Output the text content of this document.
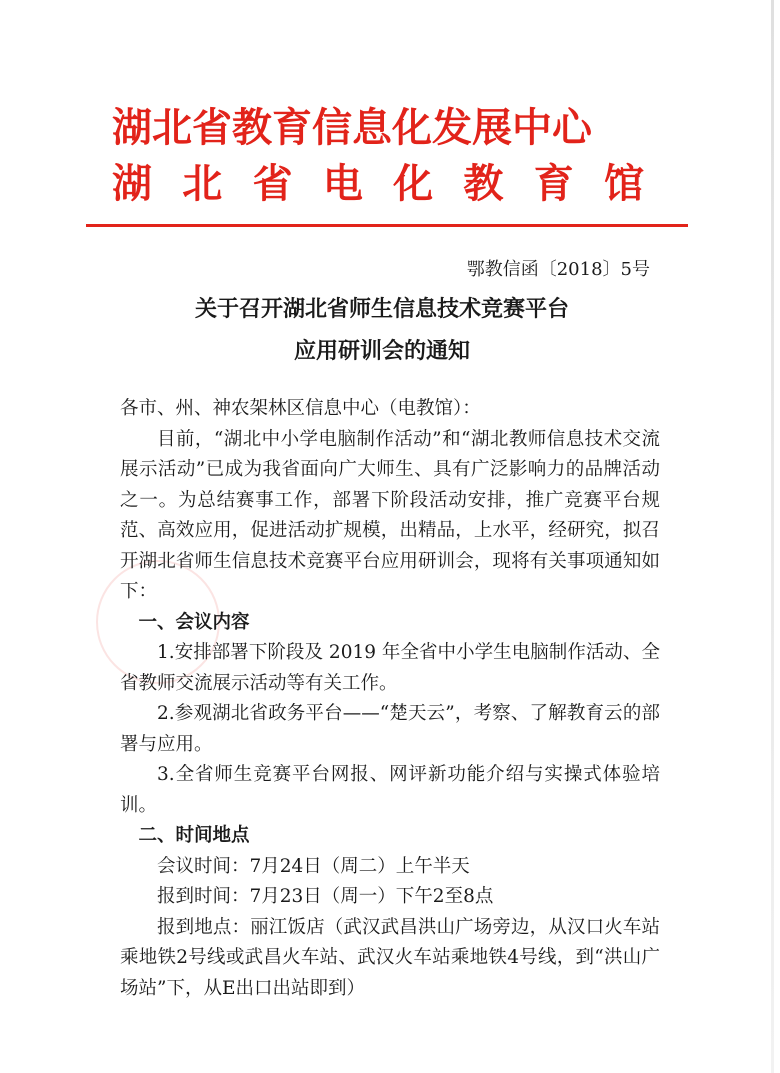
湖北省教育信息化发展中心
湖 北 省 电 化 教 育 馆
鄂教信函〔2018〕5号
关于召开湖北省师生信息技术竞赛平台
应用研训会的通知

各市、州、神农架林区信息中心（电教馆）：

目前，“湖北中小学电脑制作活动”和“湖北教师信息技术交流展示活动”已成为我省面向广大师生、具有广泛影响力的品牌活动之一。为总结赛事工作，部署下阶段活动安排，推广竞赛平台规范、高效应用，促进活动扩规模，出精品，上水平，经研究，拟召开湖北省师生信息技术竞赛平台应用研训会，现将有关事项通知如下：

一、会议内容

1.安排部署下阶段及 2019 年全省中小学生电脑制作活动、全省教师交流展示活动等有关工作。

2.参观湖北省政务平台——“楚天云”，考察、了解教育云的部署与应用。

3.全省师生竞赛平台网报、网评新功能介绍与实操式体验培训。

二、时间地点

会议时间：7月24日（周二）上午半天

报到时间：7月23日（周一）下午2至8点

报到地点：丽江饭店（武汉武昌洪山广场旁边，从汉口火车站乘地铁2号线或武昌火车站、武汉火车站乘地铁4号线，到“洪山广场站”下，从E出口出站即到）
